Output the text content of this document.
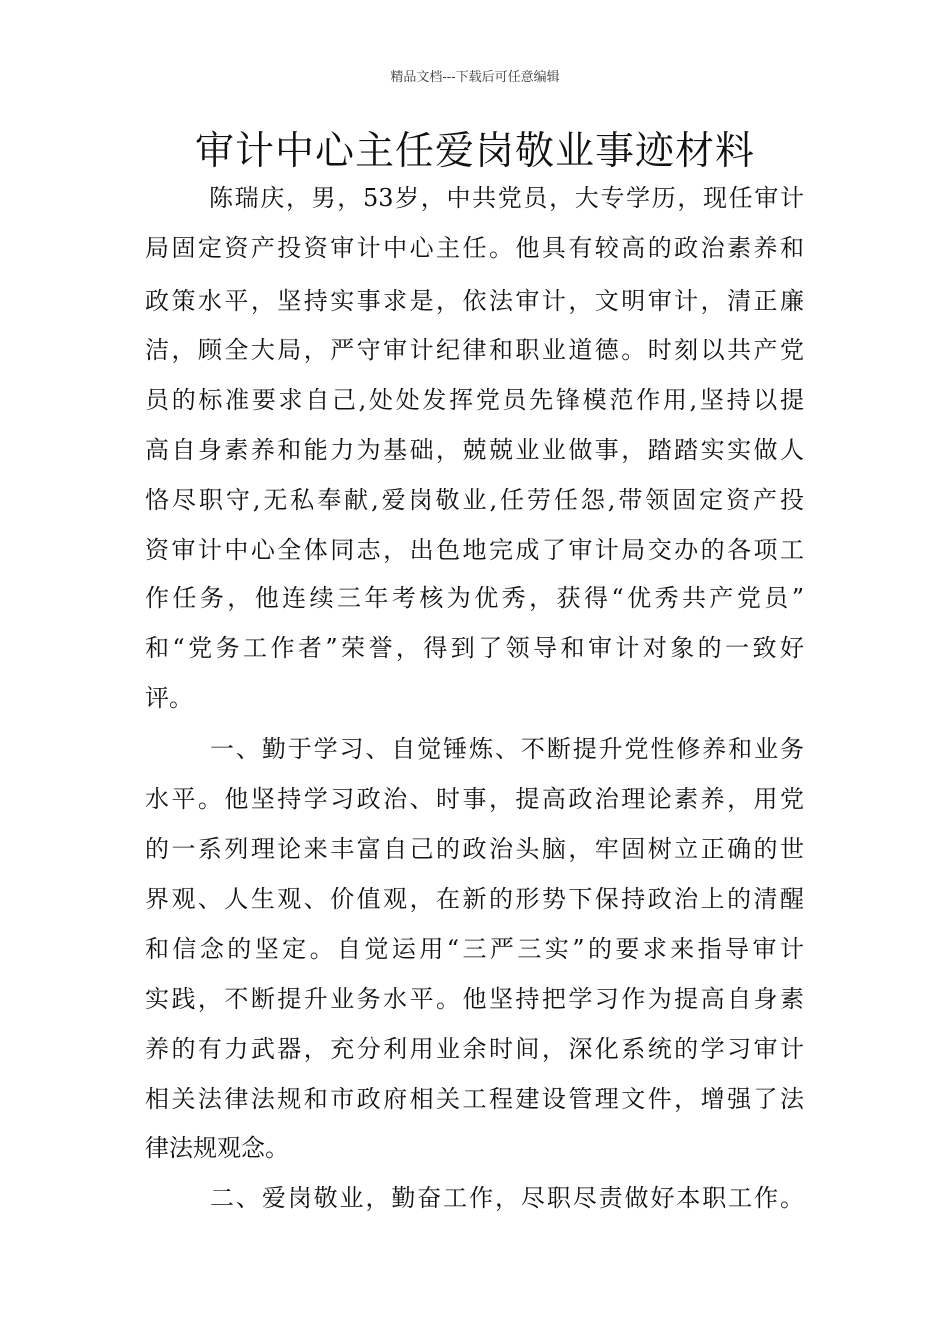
精品文档---下载后可任意编辑
审计中心主任爱岗敬业事迹材料
陈瑞庆，男，53岁，中共党员，大专学历，现任审计
局固定资产投资审计中心主任。他具有较高的政治素养和
政策水平，坚持实事求是，依法审计，文明审计，清正廉
洁，顾全大局，严守审计纪律和职业道德。时刻以共产党
员的标准要求自己,处处发挥党员先锋模范作用,坚持以提
高自身素养和能力为基础，兢兢业业做事，踏踏实实做人
恪尽职守,无私奉献,爱岗敬业,任劳任怨,带领固定资产投
资审计中心全体同志，出色地完成了审计局交办的各项工
作任务，他连续三年考核为优秀，获得“优秀共产党员”
和“党务工作者”荣誉，得到了领导和审计对象的一致好
评。
一、勤于学习、自觉锤炼、不断提升党性修养和业务
水平。他坚持学习政治、时事，提高政治理论素养，用党
的一系列理论来丰富自己的政治头脑，牢固树立正确的世
界观、人生观、价值观，在新的形势下保持政治上的清醒
和信念的坚定。自觉运用“三严三实”的要求来指导审计
实践，不断提升业务水平。他坚持把学习作为提高自身素
养的有力武器，充分利用业余时间，深化系统的学习审计
相关法律法规和市政府相关工程建设管理文件，增强了法
律法规观念。
二、爱岗敬业，勤奋工作，尽职尽责做好本职工作。
